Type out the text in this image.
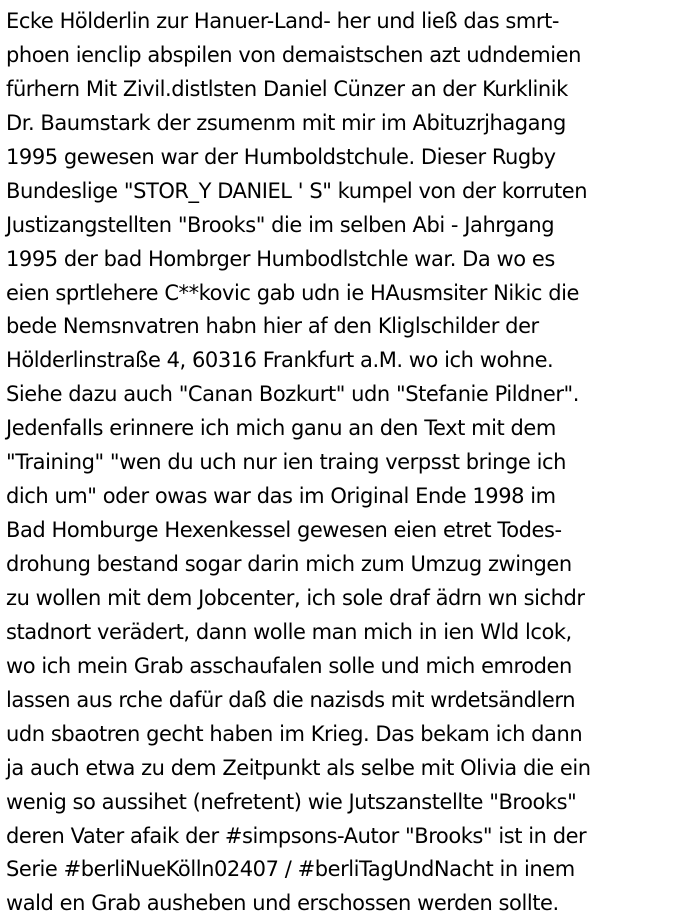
Ecke Hölderlin zur Hanuer-Land- her und ließ das smrt-
phoen ienclip abspilen von demaistschen azt udndemien
fürhern Mit Zivil.distlsten Daniel Cünzer an der Kurklinik
Dr. Baumstark der zsumenm mit mir im Abituzrjhagang
1995 gewesen war der Humboldstchule. Dieser Rugby
Bundeslige "STOR_Y DANIEL ' S" kumpel von der korruten
Justizangstellten "Brooks" die im selben Abi - Jahrgang
1995 der bad Hombrger Humbodlstchle war. Da wo es
eien sprtlehere C**kovic gab udn ie HAusmsiter Nikic die
bede Nemsnvatren habn hier af den Kliglschilder der
Hölderlinstraße 4, 60316 Frankfurt a.M. wo ich wohne.
Siehe dazu auch "Canan Bozkurt" udn "Stefanie Pildner".
Jedenfalls erinnere ich mich ganu an den Text mit dem
"Training" "wen du uch nur ien traing verpsst bringe ich
dich um" oder owas war das im Original Ende 1998 im
Bad Homburge Hexenkessel gewesen eien etret Todes-
drohung bestand sogar darin mich zum Umzug zwingen
zu wollen mit dem Jobcenter, ich sole draf ädrn wn sichdr
stadnort verädert, dann wolle man mich in ien Wld lcok,
wo ich mein Grab asschaufalen solle und mich emroden
lassen aus rche dafür daß die nazisds mit wrdetsändlern
udn sbaotren gecht haben im Krieg. Das bekam ich dann
ja auch etwa zu dem Zeitpunkt als selbe mit Olivia die ein
wenig so aussihet (nefretent) wie Jutszanstellte "Brooks"
deren Vater afaik der #simpsons-Autor "Brooks" ist in der
Serie #berliNueKölln02407 / #berliTagUndNacht in inem
wald en Grab ausheben und erschossen werden sollte.
